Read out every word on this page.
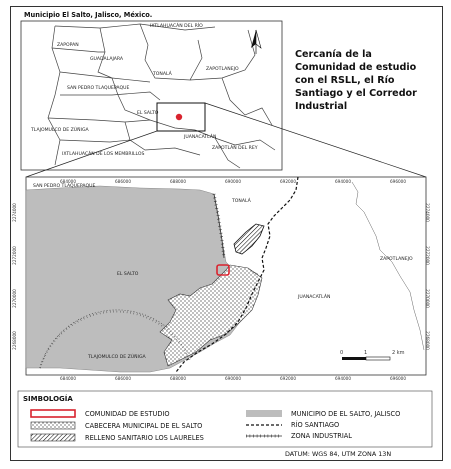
Municipio El Salto, Jalisco, México.
IXTLAHUACÁN DEL RÍO
ZAPOPAN
GUADALAJARA
TONALÁ
ZAPOTLANEJO
SAN PEDRO TLAQUEPAQUE
EL SALTO
TLAJOMULCO DE ZÚÑIGA
JUANACATLÁN
ZAPOTLÁN DEL REY
IXTLAHUACÁN DE LOS MEMBRILLOS
Cercanía de la Comunidad de estudio con el RSLL, el Río Santiago y el Corredor Industrial
684000	686000	688000	690000	692000	694000	696000
684000	686000	688000	690000	692000	694000	696000
2274000
2272000
2270000
2268000
2274000
2272000
2270000
2268000
SAN PEDRO TLAQUEPAQUE
TONALÁ
EL SALTO
ZAPOTLANEJO
JUANACATLÁN
TLAJOMULCO DE ZÚÑIGA
0	1	2 km
SIMBOLOGÍA
COMUNIDAD DE ESTUDIO
CABECERA MUNICIPAL DE EL SALTO
RELLENO SANITARIO LOS LAURELES
MUNICIPIO DE EL SALTO, JALISCO
RÍO SANTIAGO
ZONA INDUSTRIAL
DATUM: WGS 84, UTM ZONA 13N
